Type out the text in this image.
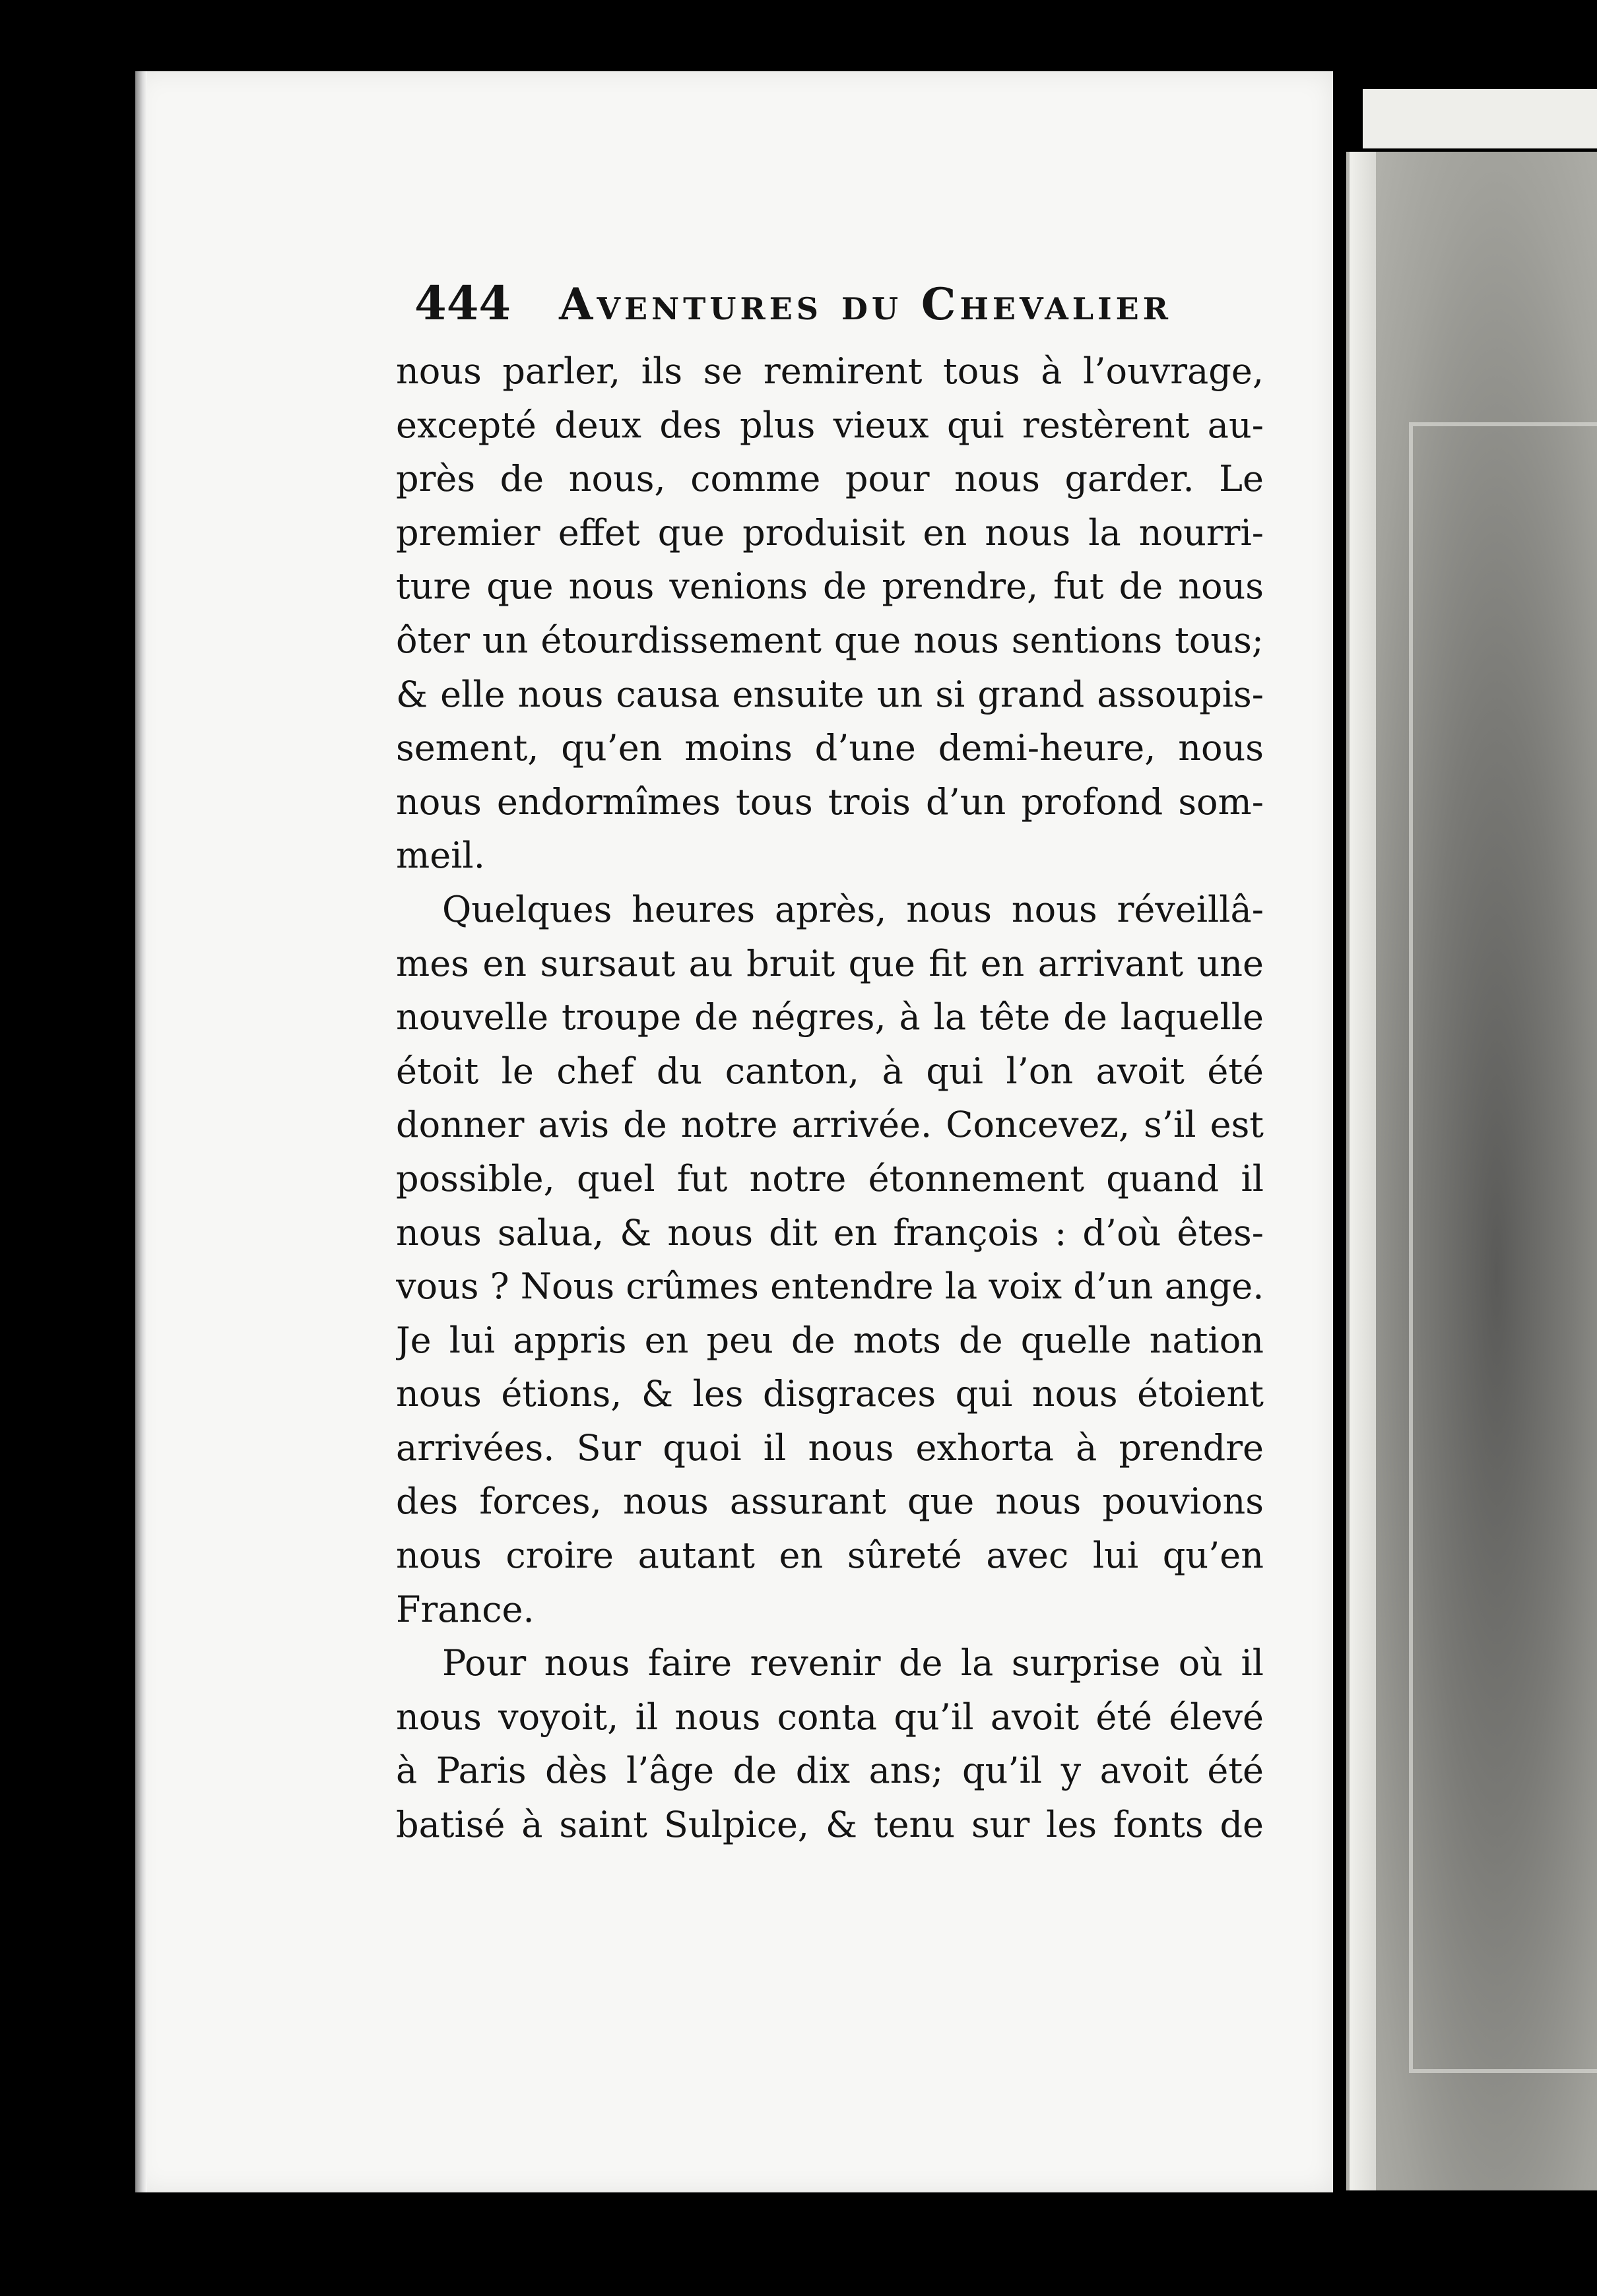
444 Aventures du Chevalier
nous parler, ils se remirent tous à l’ouvrage,
excepté deux des plus vieux qui restèrent au-
près de nous, comme pour nous garder. Le
premier effet que produisit en nous la nourri-
ture que nous venions de prendre, fut de nous
ôter un étourdissement que nous sentions tous;
& elle nous causa ensuite un si grand assoupis-
sement, qu’en moins d’une demi-heure, nous
nous endormîmes tous trois d’un profond som-
meil.
Quelques heures après, nous nous réveillâ-
mes en sursaut au bruit que fit en arrivant une
nouvelle troupe de négres, à la tête de laquelle
étoit le chef du canton, à qui l’on avoit été
donner avis de notre arrivée. Concevez, s’il est
possible, quel fut notre étonnement quand il
nous salua, & nous dit en françois : d’où êtes-
vous ? Nous crûmes entendre la voix d’un ange.
Je lui appris en peu de mots de quelle nation
nous étions, & les disgraces qui nous étoient
arrivées. Sur quoi il nous exhorta à prendre
des forces, nous assurant que nous pouvions
nous croire autant en sûreté avec lui qu’en
France.
Pour nous faire revenir de la surprise où il
nous voyoit, il nous conta qu’il avoit été élevé
à Paris dès l’âge de dix ans; qu’il y avoit été
batisé à saint Sulpice, & tenu sur les fonts de
